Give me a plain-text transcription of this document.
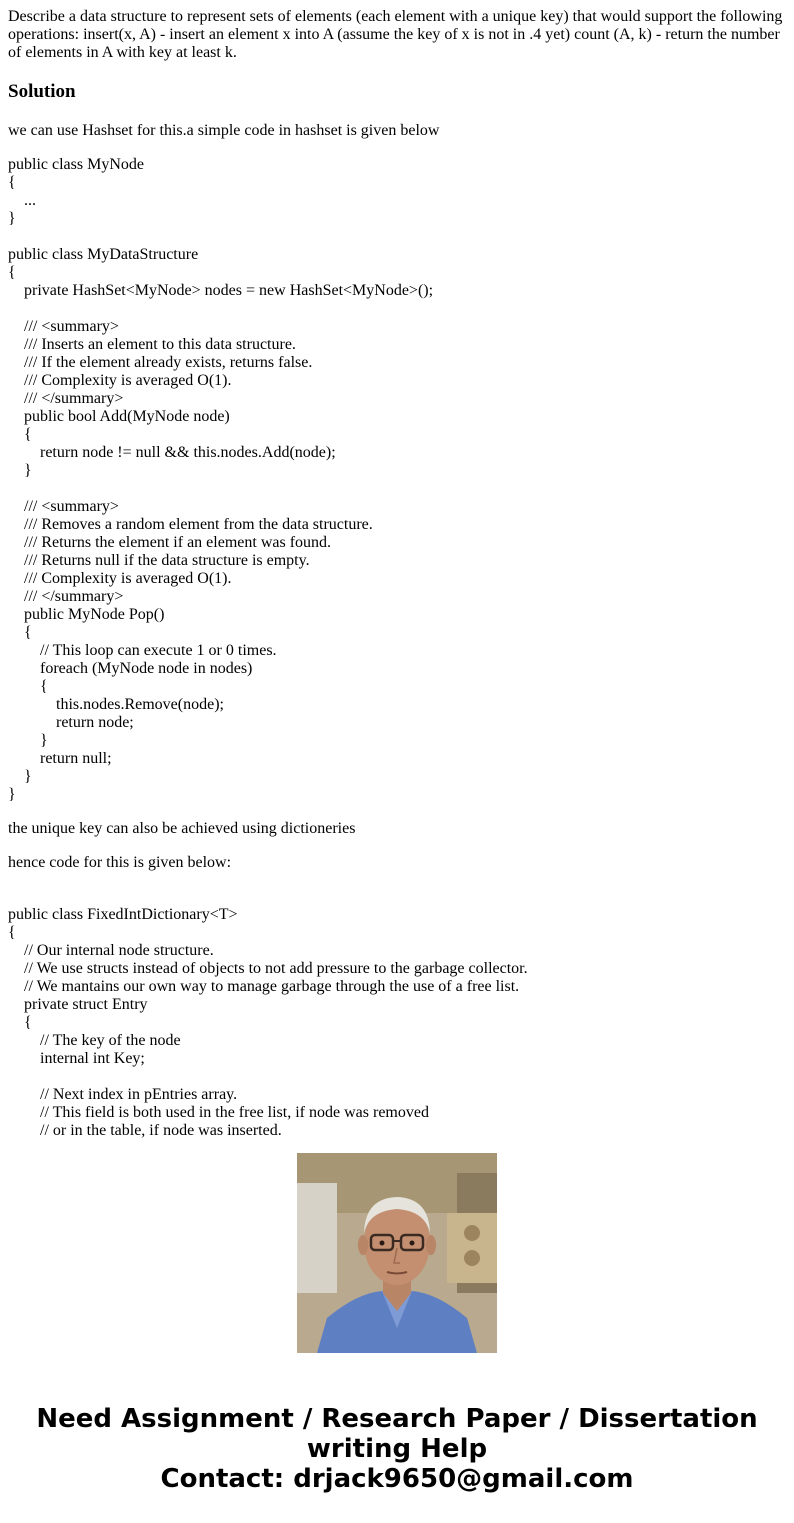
Describe a data structure to represent sets of elements (each element with a unique key) that would support the following operations: insert(x, A) - insert an element x into A (assume the key of x is not in .4 yet) count (A, k) - return the number of elements in A with key at least k.

Solution

we can use Hashset for this.a simple code in hashset is given below

public class MyNode
{
...
}
public class MyDataStructure
{
private HashSet<MyNode> nodes = new HashSet<MyNode>();
/// <summary>
/// Inserts an element to this data structure.
/// If the element already exists, returns false.
/// Complexity is averaged O(1).
/// </summary>
public bool Add(MyNode node)
{
return node != null && this.nodes.Add(node);
}
/// <summary>
/// Removes a random element from the data structure.
/// Returns the element if an element was found.
/// Returns null if the data structure is empty.
/// Complexity is averaged O(1).
/// </summary>
public MyNode Pop()
{
// This loop can execute 1 or 0 times.
foreach (MyNode node in nodes)
{
this.nodes.Remove(node);
return node;
}
return null;
}
}

the unique key can also be achieved using dictioneries

hence code for this is given below:

public class FixedIntDictionary<T>
{
// Our internal node structure.
// We use structs instead of objects to not add pressure to the garbage collector.
// We mantains our own way to manage garbage through the use of a free list.
private struct Entry
{
// The key of the node
internal int Key;
// Next index in pEntries array.
// This field is both used in the free list, if node was removed
// or in the table, if node was inserted.
Need Assignment / Research Paper / Dissertation
writing Help
Contact: drjack9650@gmail.com
